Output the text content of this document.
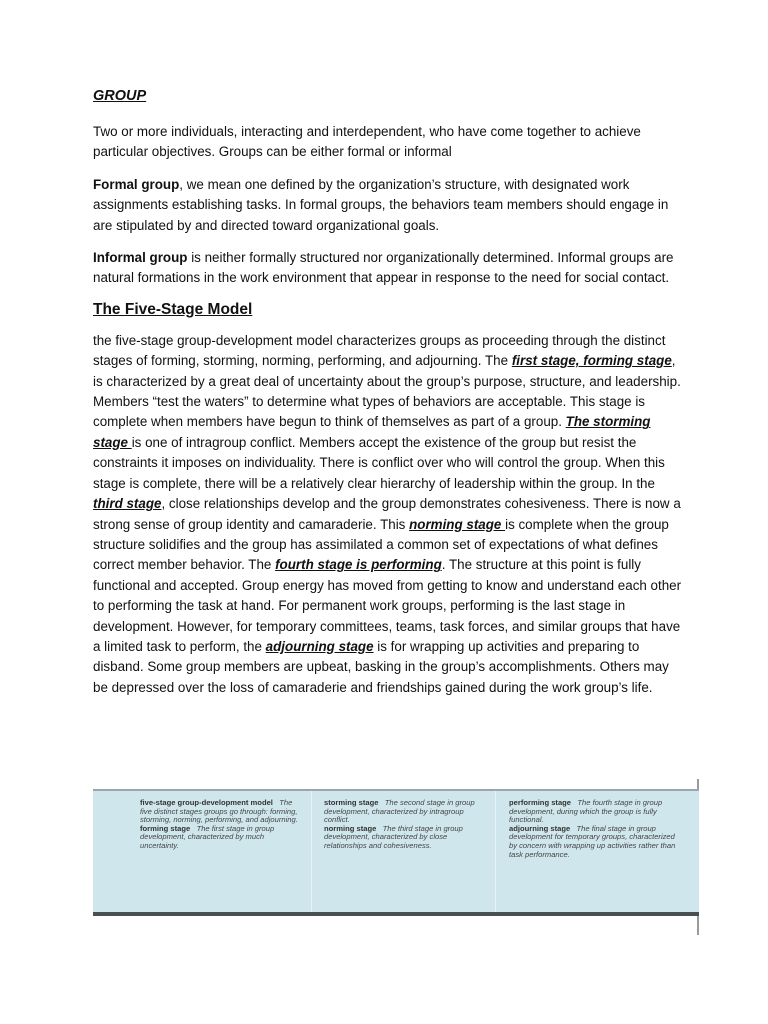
GROUP

Two or more individuals, interacting and interdependent, who have come together to achieve particular objectives. Groups can be either formal or informal

Formal group, we mean one defined by the organization’s structure, with designated work assignments establishing tasks. In formal groups, the behaviors team members should engage in are stipulated by and directed toward organizational goals.

Informal group is neither formally structured nor organizationally determined. Informal groups are natural formations in the work environment that appear in response to the need for social contact.

The Five-Stage Model

the five-stage group-development model characterizes groups as proceeding through the distinct stages of forming, storming, norming, performing, and adjourning. The first stage, forming stage, is characterized by a great deal of uncertainty about the group’s purpose, structure, and leadership. Members “test the waters” to determine what types of behaviors are acceptable. This stage is complete when members have begun to think of themselves as part of a group. The storming stage is one of intragroup conflict. Members accept the existence of the group but resist the constraints it imposes on individuality. There is conflict over who will control the group. When this stage is complete, there will be a relatively clear hierarchy of leadership within the group. In the third stage, close relationships develop and the group demonstrates cohesiveness. There is now a strong sense of group identity and camaraderie. This norming stage is complete when the group structure solidifies and the group has assimilated a common set of expectations of what defines correct member behavior. The fourth stage is performing. The structure at this point is fully functional and accepted. Group energy has moved from getting to know and understand each other to performing the task at hand. For permanent work groups, performing is the last stage in development. However, for temporary committees, teams, task forces, and similar groups that have a limited task to perform, the adjourning stage is for wrapping up activities and preparing to disband. Some group members are upbeat, basking in the group’s accomplishments. Others may be depressed over the loss of camaraderie and friendships gained during the work group’s life.

five-stage group-development model The five distinct stages groups go through: forming, storming, norming, performing, and adjourning.

forming stage The first stage in group development, characterized by much uncertainty.

storming stage The second stage in group development, characterized by intragroup conflict.

norming stage The third stage in group development, characterized by close relationships and cohesiveness.

performing stage The fourth stage in group development, during which the group is fully functional.

adjourning stage The final stage in group development for temporary groups, characterized by concern with wrapping up activities rather than task performance.
